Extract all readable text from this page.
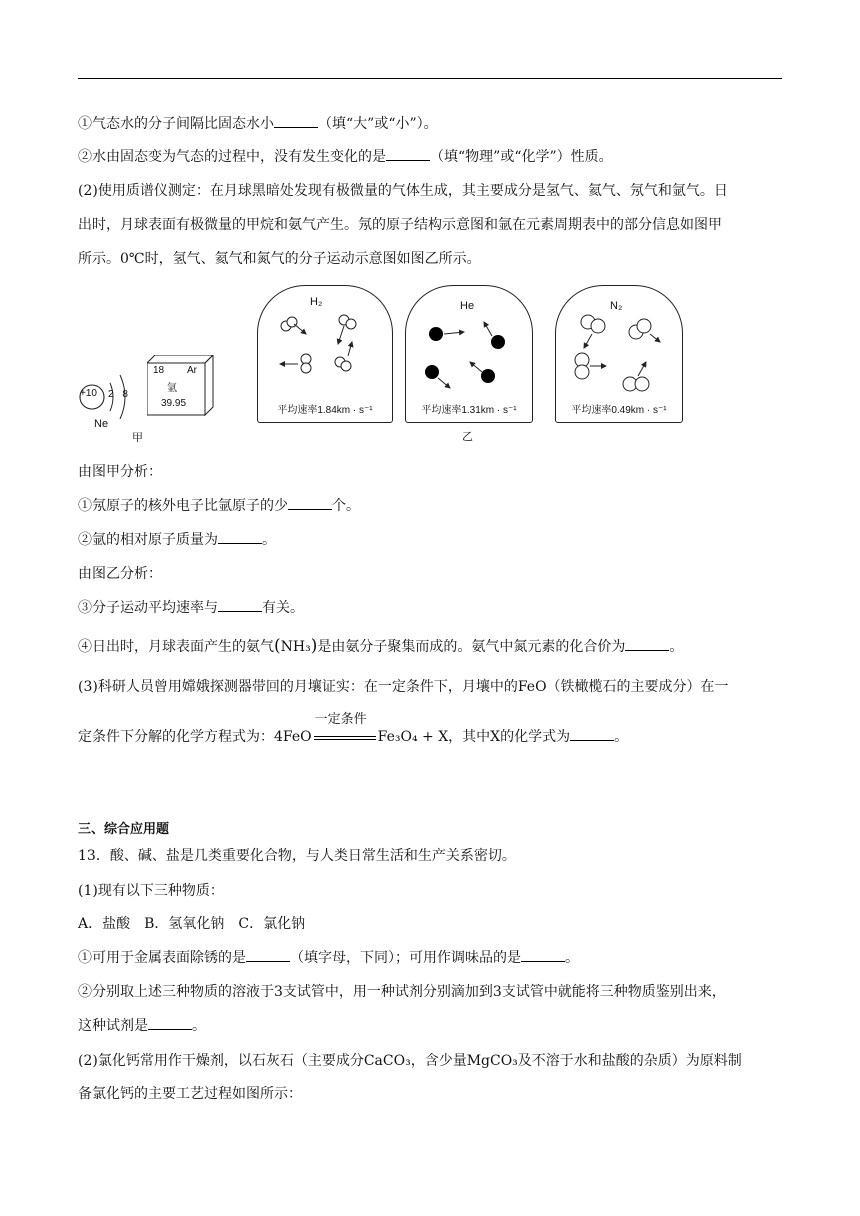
①气态水的分子间隔比固态水小	（填“大”或“小”）。
②水由固态变为气态的过程中，没有发生变化的是	（填“物理”或“化学”）性质。
(2)使用质谱仪测定：在月球黑暗处发现有极微量的气体生成，其主要成分是氢气、氦气、氖气和氩气。日
出时，月球表面有极微量的甲烷和氨气产生。氖的原子结构示意图和氩在元素周期表中的部分信息如图甲
所示。0℃时，氢气、氦气和氮气的分子运动示意图如图乙所示。
+10 2 8
Ne
甲
18 Ar
氩
39.95
H₂
平均速率1.84km · s⁻¹
He
平均速率1.31km · s⁻¹
N₂
平均速率0.49km · s⁻¹
乙
由图甲分析：
①氖原子的核外电子比氩原子的少	个。
②氩的相对原子质量为	。
由图乙分析：
③分子运动平均速率与	有关。
④日出时，月球表面产生的氨气(NH₃)是由氨分子聚集而成的。氨气中氮元素的化合价为	。
(3)科研人员曾用嫦娥探测器带回的月壤证实：在一定条件下，月壤中的FeO（铁橄榄石的主要成分）在一
定条件下分解的化学方程式为：4FeO
一定条件
Fe₃O₄ + X，其中X的化学式为	。
三、综合应用题
13．酸、碱、盐是几类重要化合物，与人类日常生活和生产关系密切。
(1)现有以下三种物质：
A．盐酸　B．氢氧化钠　C．氯化钠
①可用于金属表面除锈的是	（填字母，下同）；可用作调味品的是	。
②分别取上述三种物质的溶液于3支试管中，用一种试剂分别滴加到3支试管中就能将三种物质鉴别出来，
这种试剂是	。
(2)氯化钙常用作干燥剂，以石灰石（主要成分CaCO₃，含少量MgCO₃及不溶于水和盐酸的杂质）为原料制
备氯化钙的主要工艺过程如图所示：
